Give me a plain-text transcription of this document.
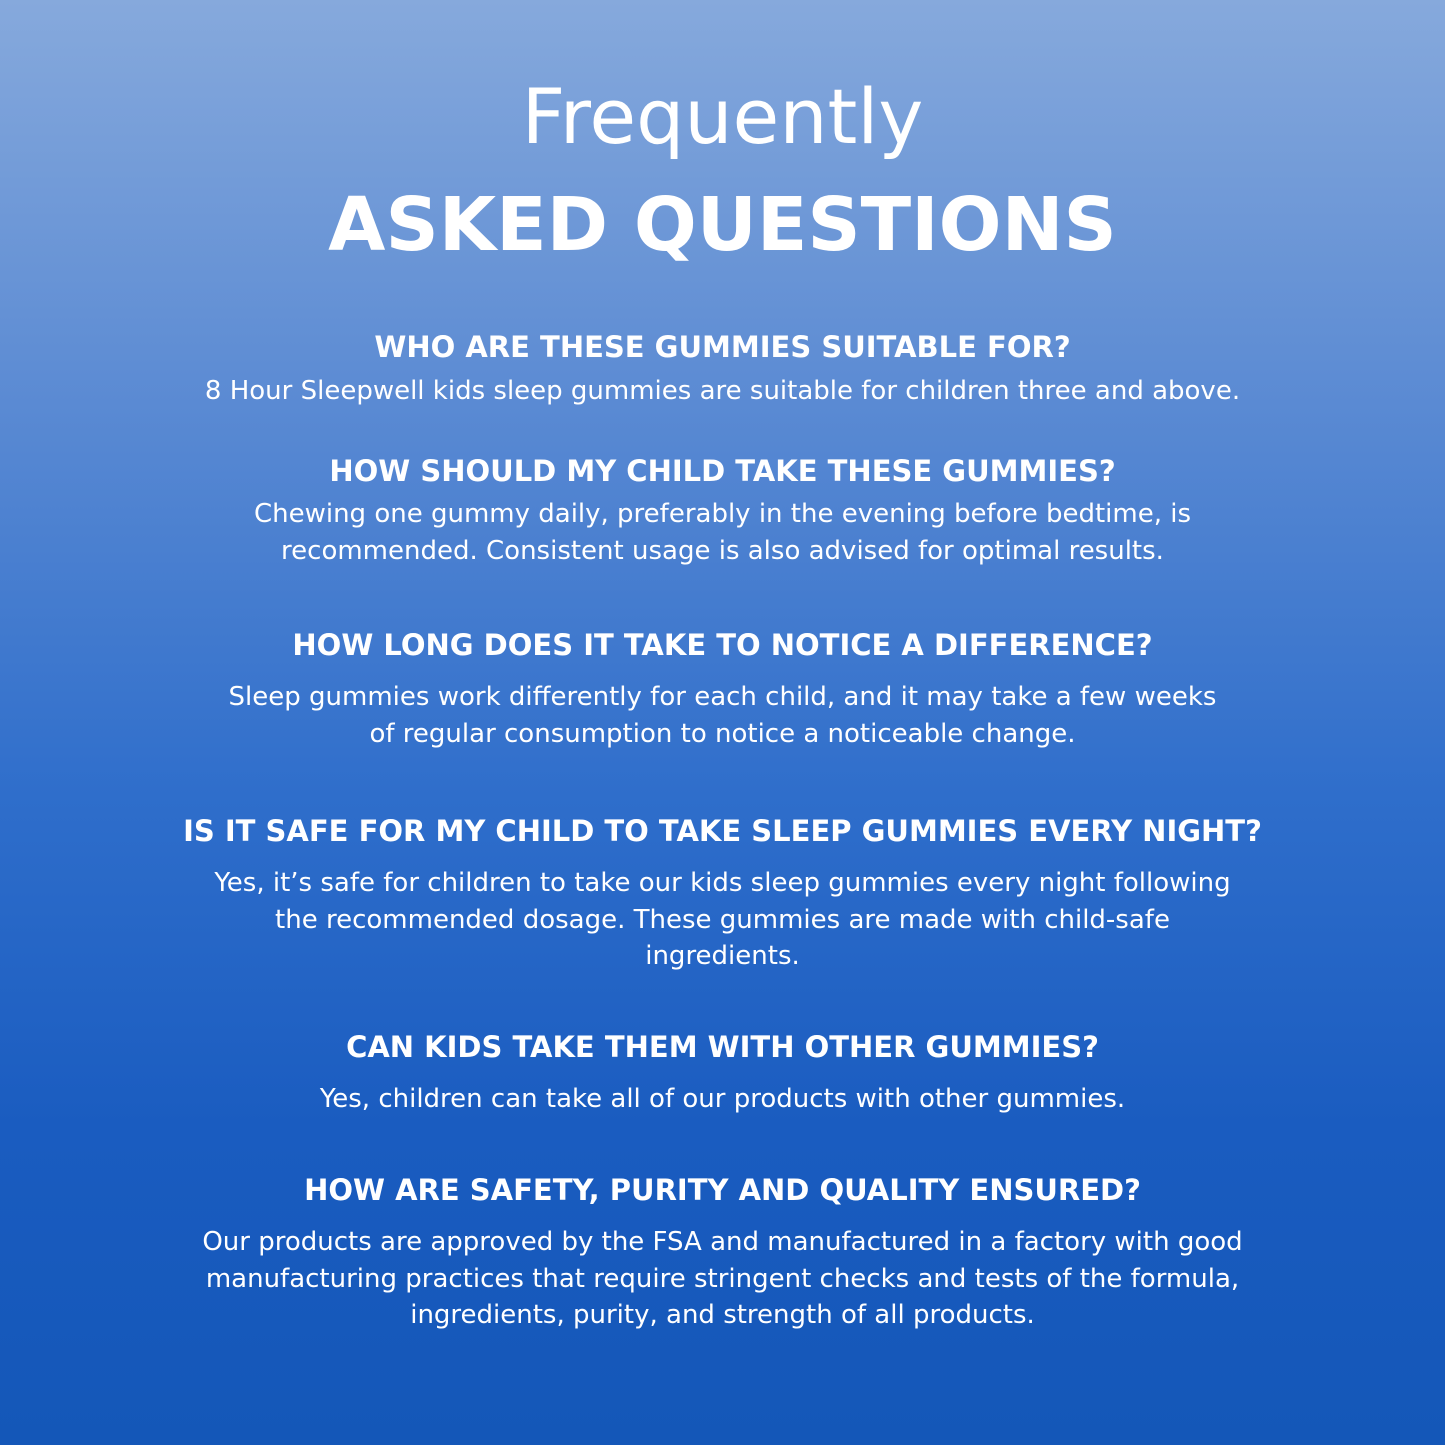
Frequently
ASKED QUESTIONS
WHO ARE THESE GUMMIES SUITABLE FOR?
8 Hour Sleepwell kids sleep gummies are suitable for children three and above.
HOW SHOULD MY CHILD TAKE THESE GUMMIES?
Chewing one gummy daily, preferably in the evening before bedtime, is
recommended. Consistent usage is also advised for optimal results.
HOW LONG DOES IT TAKE TO NOTICE A DIFFERENCE?
Sleep gummies work differently for each child, and it may take a few weeks
of regular consumption to notice a noticeable change.
IS IT SAFE FOR MY CHILD TO TAKE SLEEP GUMMIES EVERY NIGHT?
Yes, it’s safe for children to take our kids sleep gummies every night following
the recommended dosage. These gummies are made with child-safe
ingredients.
CAN KIDS TAKE THEM WITH OTHER GUMMIES?
Yes, children can take all of our products with other gummies.
HOW ARE SAFETY, PURITY AND QUALITY ENSURED?
Our products are approved by the FSA and manufactured in a factory with good
manufacturing practices that require stringent checks and tests of the formula,
ingredients, purity, and strength of all products.
